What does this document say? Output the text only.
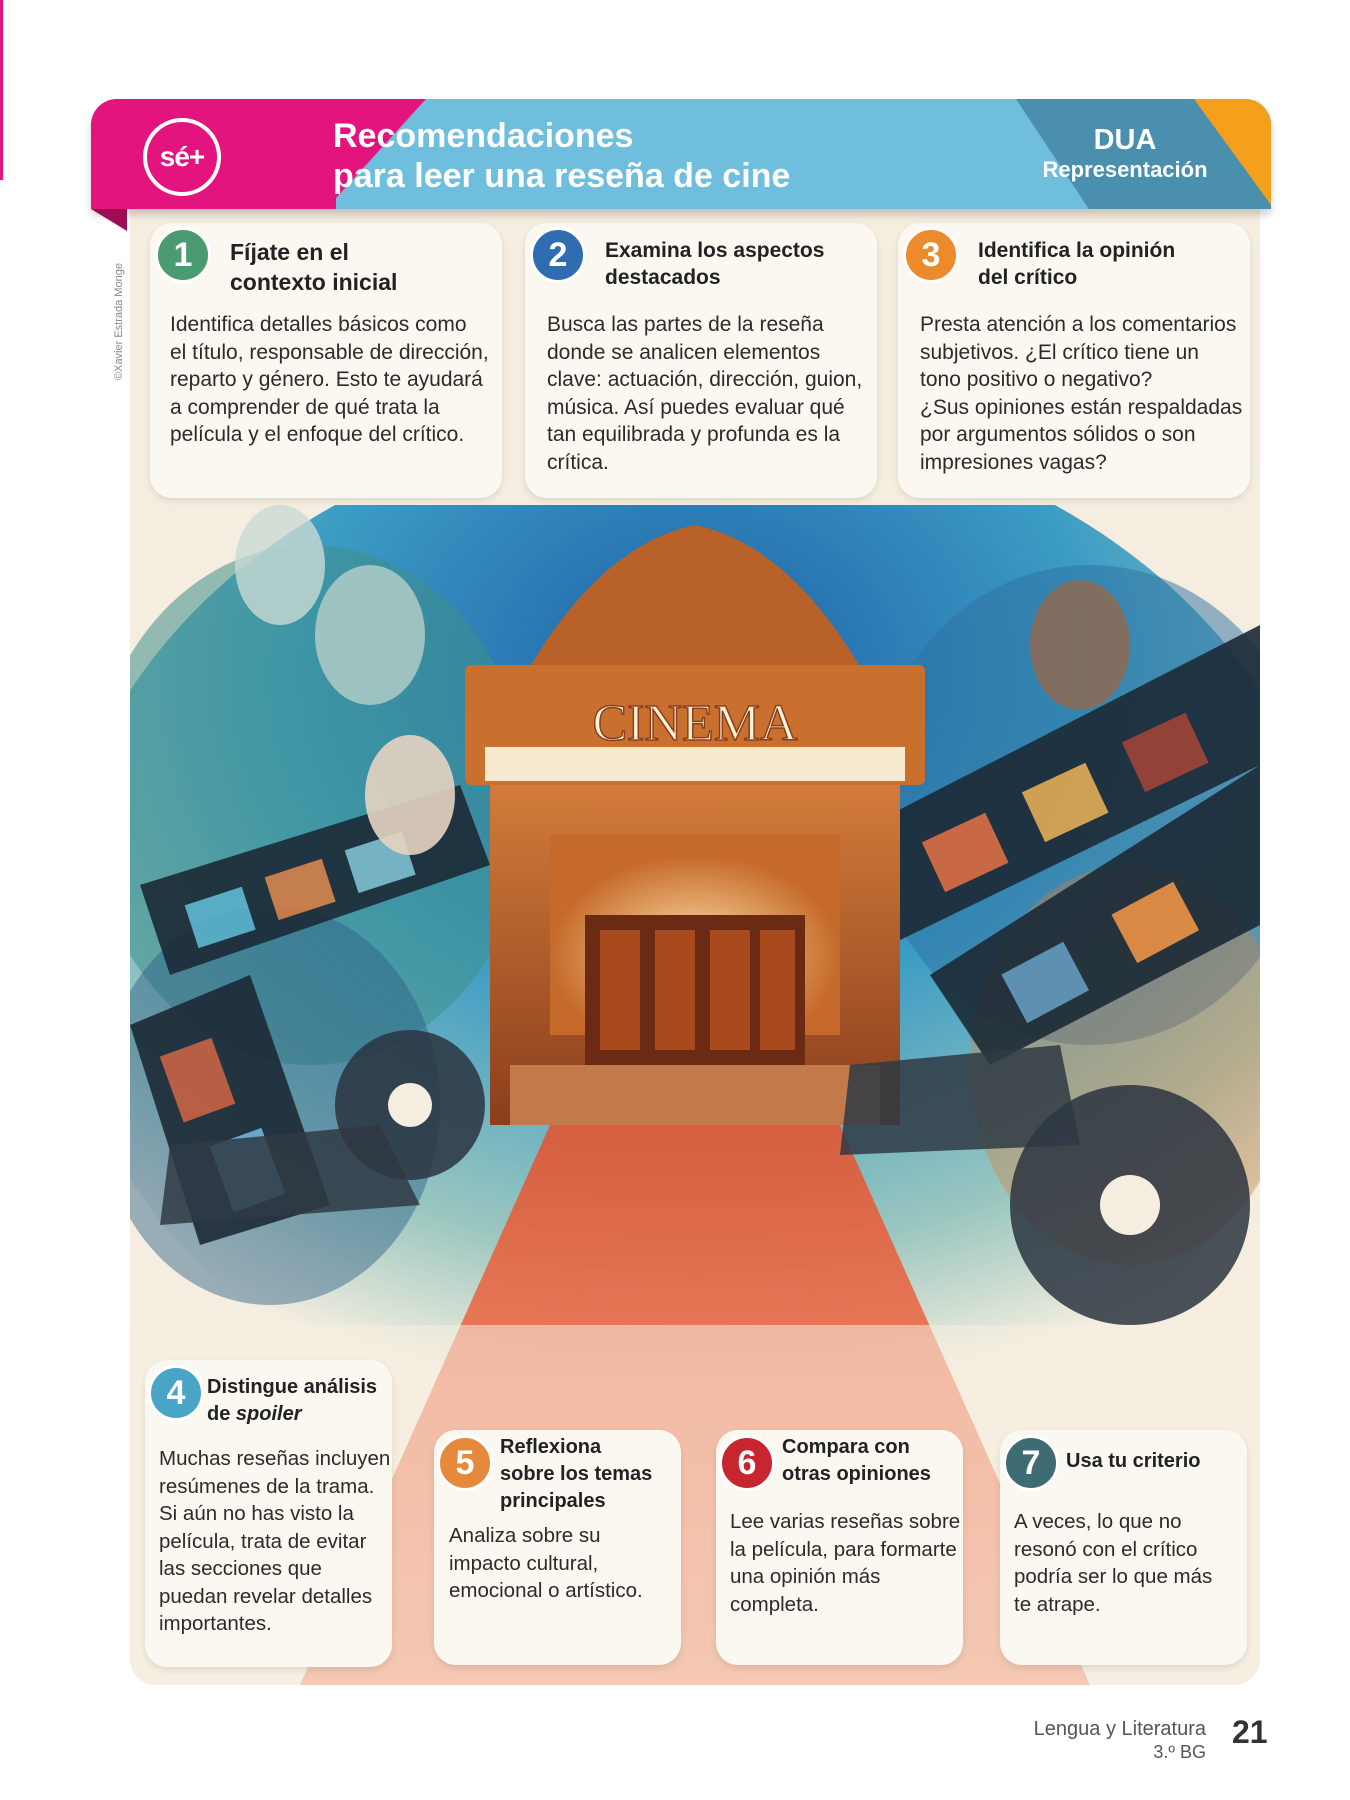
CINEMA
sé+
Recomendaciones
para leer una reseña de cine
DUA
Representación
©Xavier Estrada Monge
1	Fíjate en el
contexto inicial
Identifica detalles básicos como
el título, responsable de dirección,
reparto y género. Esto te ayudará
a comprender de qué trata la
película y el enfoque del crítico.
2	Examina los aspectos
destacados
Busca las partes de la reseña
donde se analicen elementos
clave: actuación, dirección, guion,
música. Así puedes evaluar qué
tan equilibrada y profunda es la
crítica.
3	Identifica la opinión
del crítico
Presta atención a los comentarios
subjetivos. ¿El crítico tiene un
tono positivo o negativo?
¿Sus opiniones están respaldadas
por argumentos sólidos o son
impresiones vagas?
4	Distingue análisis
de spoiler
Muchas reseñas incluyen
resúmenes de la trama.
Si aún no has visto la
película, trata de evitar
las secciones que
puedan revelar detalles
importantes.
5	Reflexiona
sobre los temas
principales
Analiza sobre su
impacto cultural,
emocional o artístico.
6	Compara con
otras opiniones
Lee varias reseñas sobre
la película, para formarte
una opinión más
completa.
7	Usa tu criterio
A veces, lo que no
resonó con el crítico
podría ser lo que más
te atrape.
Lengua y Literatura
3.º BG
21
